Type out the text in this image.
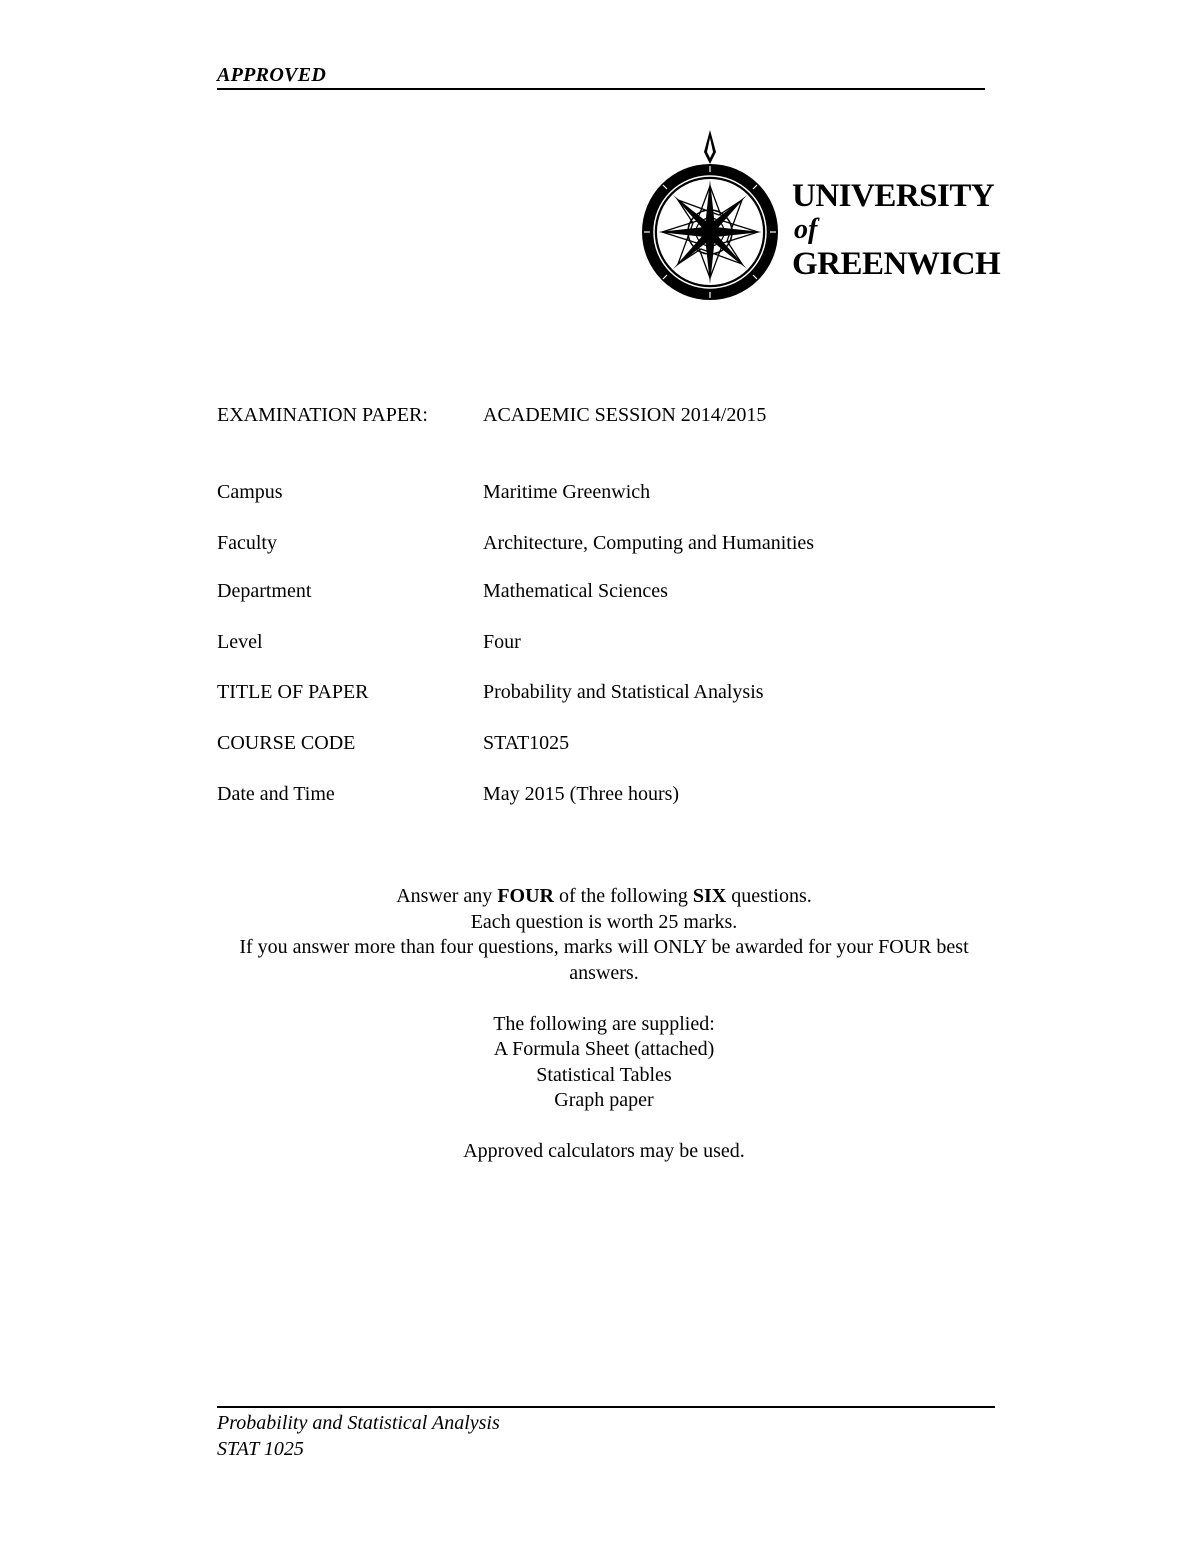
APPROVED
UNIVERSITY
of
GREENWICH
EXAMINATION PAPER:	ACADEMIC SESSION 2014/2015
Campus	Maritime Greenwich
Faculty	Architecture, Computing and Humanities
Department	Mathematical Sciences
Level	Four
TITLE OF PAPER	Probability and Statistical Analysis
COURSE CODE	STAT1025
Date and Time	May 2015 (Three hours)

Answer any FOUR of the following SIX questions.

Each question is worth 25 marks.

If you answer more than four questions, marks will ONLY be awarded for your FOUR best answers.

The following are supplied:

A Formula Sheet (attached)

Statistical Tables

Graph paper

Approved calculators may be used.

Probability and Statistical Analysis
STAT 1025
